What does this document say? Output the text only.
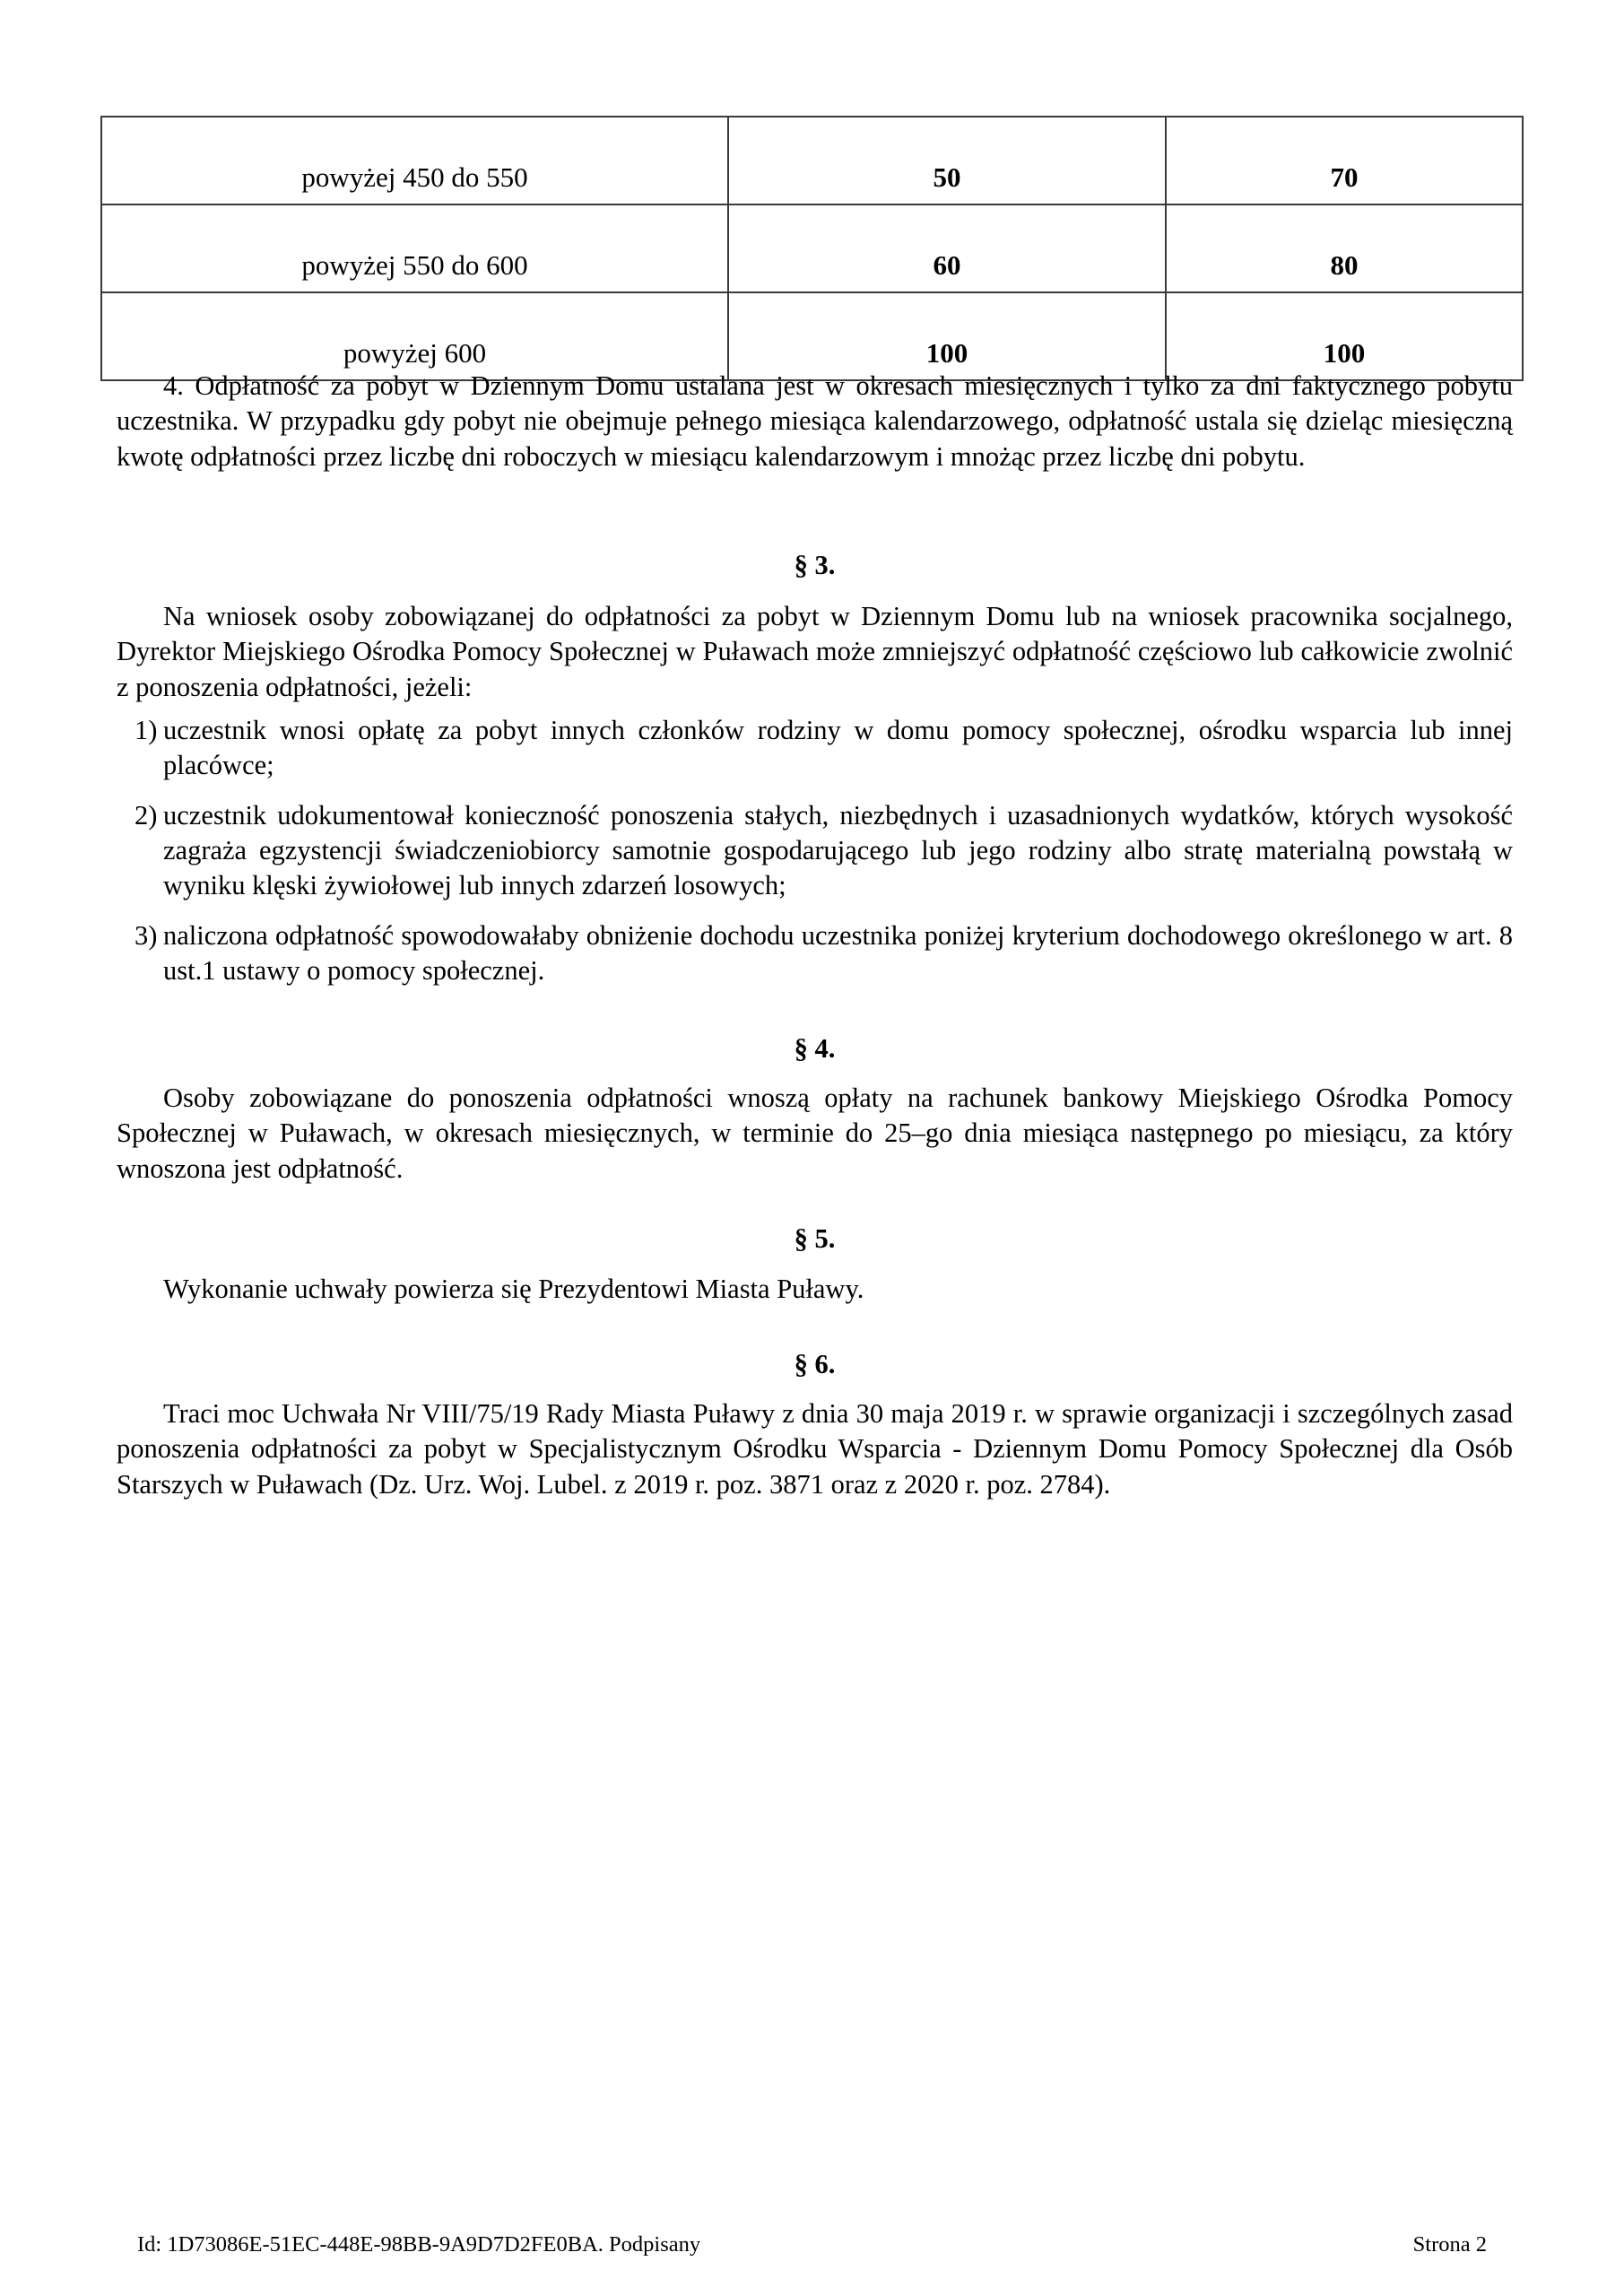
powyżej 450 do 550	50	70
powyżej 550 do 600	60	80
powyżej 600	100	100

4. Odpłatność za pobyt w Dziennym Domu ustalana jest w okresach miesięcznych i tylko za dni faktycznego pobytu uczestnika. W przypadku gdy pobyt nie obejmuje pełnego miesiąca kalendarzowego, odpłatność ustala się dzieląc miesięczną kwotę odpłatności przez liczbę dni roboczych w miesiącu kalendarzowym i mnożąc przez liczbę dni pobytu.

§ 3.

Na wniosek osoby zobowiązanej do odpłatności za pobyt w Dziennym Domu lub na wniosek pracownika socjalnego, Dyrektor Miejskiego Ośrodka Pomocy Społecznej w Puławach może zmniejszyć odpłatność częściowo lub całkowicie zwolnić z ponoszenia odpłatności, jeżeli:

1) uczestnik wnosi opłatę za pobyt innych członków rodziny w domu pomocy społecznej, ośrodku wsparcia lub innej placówce;
2) uczestnik udokumentował konieczność ponoszenia stałych, niezbędnych i uzasadnionych wydatków, których wysokość zagraża egzystencji świadczeniobiorcy samotnie gospodarującego lub jego rodziny albo stratę materialną powstałą w wyniku klęski żywiołowej lub innych zdarzeń losowych;
3) naliczona odpłatność spowodowałaby obniżenie dochodu uczestnika poniżej kryterium dochodowego określonego w art. 8 ust.1 ustawy o pomocy społecznej.
§ 4.

Osoby zobowiązane do ponoszenia odpłatności wnoszą opłaty na rachunek bankowy Miejskiego Ośrodka Pomocy Społecznej w Puławach, w okresach miesięcznych, w terminie do 25–go dnia miesiąca następnego po miesiącu, za który wnoszona jest odpłatność.

§ 5.

Wykonanie uchwały powierza się Prezydentowi Miasta Puławy.

§ 6.

Traci moc Uchwała Nr VIII/75/19 Rady Miasta Puławy z dnia 30 maja 2019 r. w sprawie organizacji i szczególnych zasad ponoszenia odpłatności za pobyt w Specjalistycznym Ośrodku Wsparcia - Dziennym Domu Pomocy Społecznej dla Osób Starszych w Puławach (Dz. Urz. Woj. Lubel. z 2019 r. poz. 3871 oraz z 2020 r. poz. 2784).

Id: 1D73086E-51EC-448E-98BB-9A9D7D2FE0BA. Podpisany	Strona 2
